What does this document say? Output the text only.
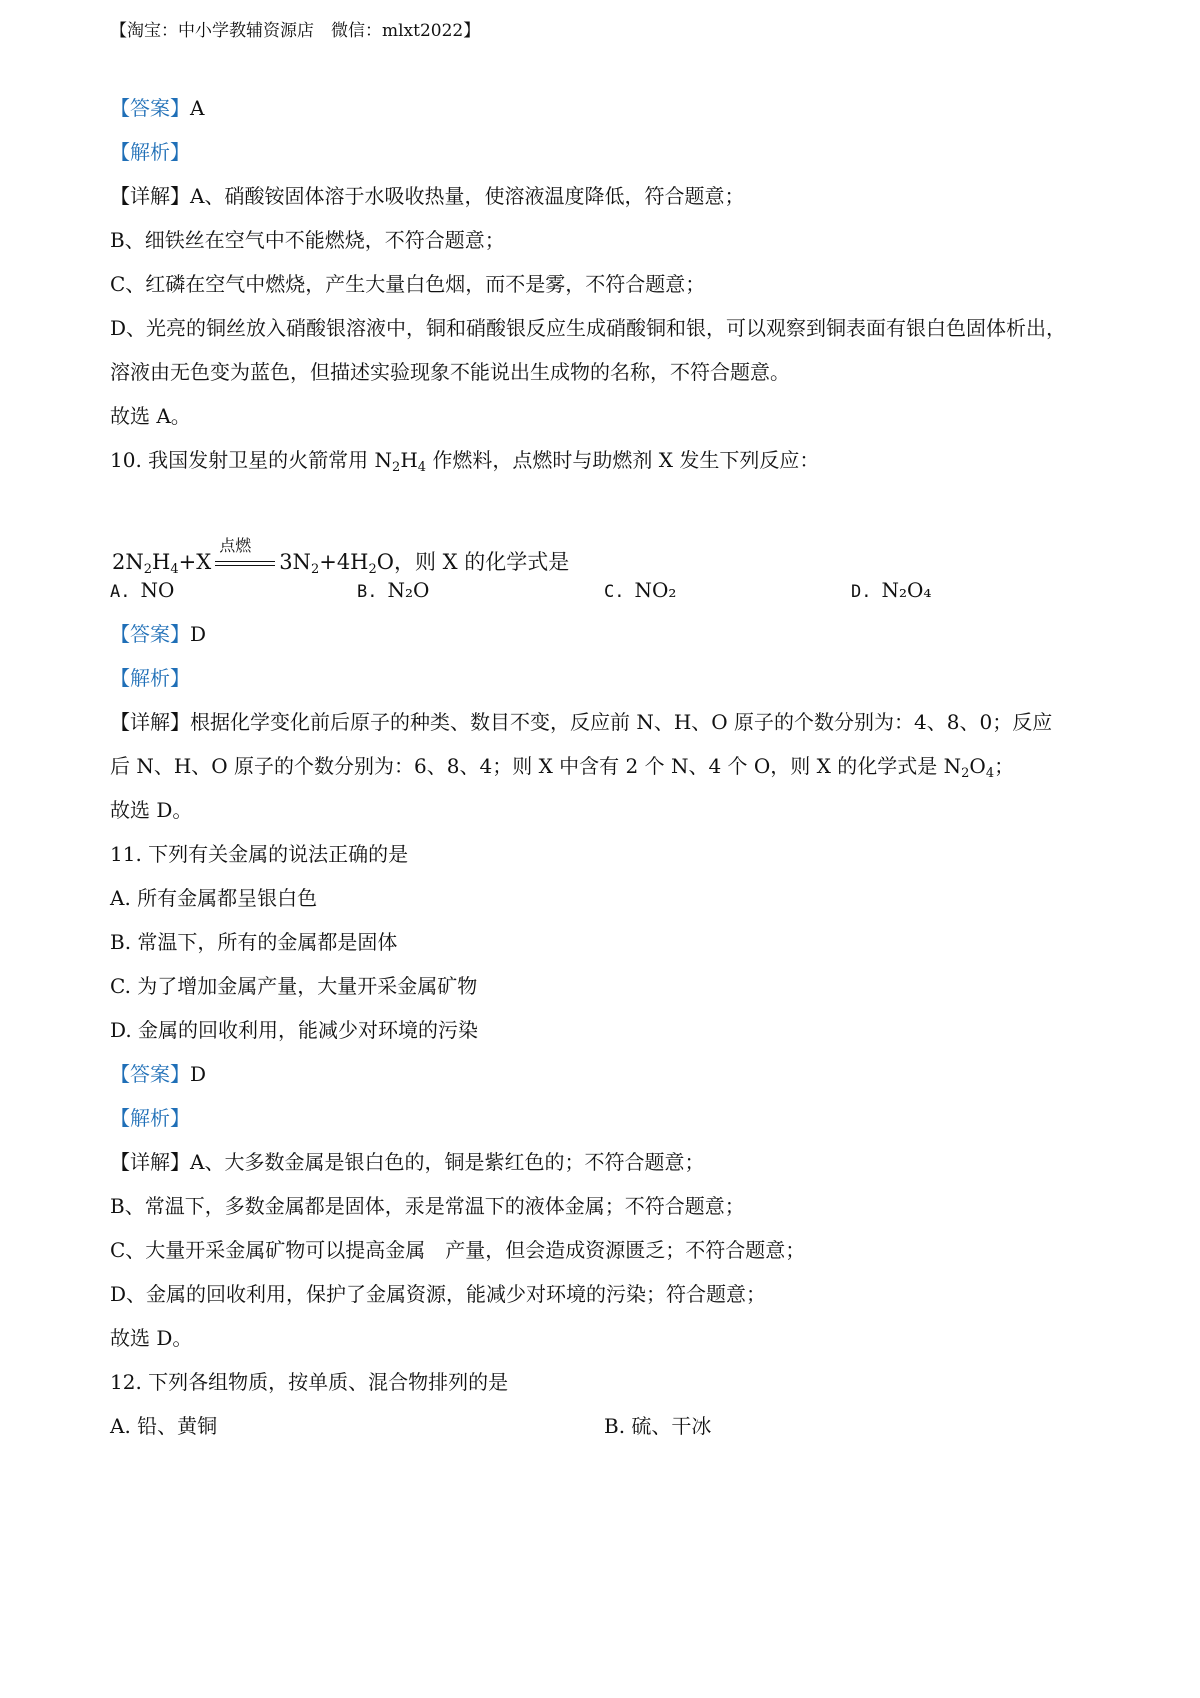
【淘宝：中小学教辅资源店　微信：mlxt2022】
【答案】A
【解析】
【详解】A、硝酸铵固体溶于水吸收热量，使溶液温度降低，符合题意；
B、细铁丝在空气中不能燃烧，不符合题意；
C、红磷在空气中燃烧，产生大量白色烟，而不是雾，不符合题意；
D、光亮的铜丝放入硝酸银溶液中，铜和硝酸银反应生成硝酸铜和银，可以观察到铜表面有银白色固体析出，
溶液由无色变为蓝色，但描述实验现象不能说出生成物的名称，不符合题意。
故选 A。
10. 我国发射卫星的火箭常用 $N_2H_4$ 作燃料，点燃时与助燃剂 X 发生下列反应：
$2N_2H_4+X$
点燃
$3N_2+4H_2O$，则 X 的化学式是
A. NO	B. N₂O	C. NO₂	D. N₂O₄
【答案】D
【解析】
【详解】根据化学变化前后原子的种类、数目不变，反应前 N、H、O 原子的个数分别为：4、8、0；反应
后 N、H、O 原子的个数分别为：6、8、4；则 X 中含有 2 个 N、4 个 O，则 X 的化学式是 $N_2O_4$；
故选 D。
11. 下列有关金属的说法正确的是
A. 所有金属都呈银白色
B. 常温下，所有的金属都是固体
C. 为了增加金属产量，大量开采金属矿物
D. 金属的回收利用，能减少对环境的污染
【答案】D
【解析】
【详解】A、大多数金属是银白色的，铜是紫红色的；不符合题意；
B、常温下，多数金属都是固体，汞是常温下的液体金属；不符合题意；
C、大量开采金属矿物可以提高金属　产量，但会造成资源匮乏；不符合题意；
D、金属的回收利用，保护了金属资源，能减少对环境的污染；符合题意；
故选 D。
12. 下列各组物质，按单质、混合物排列的是
A. 铅、黄铜	B. 硫、干冰
